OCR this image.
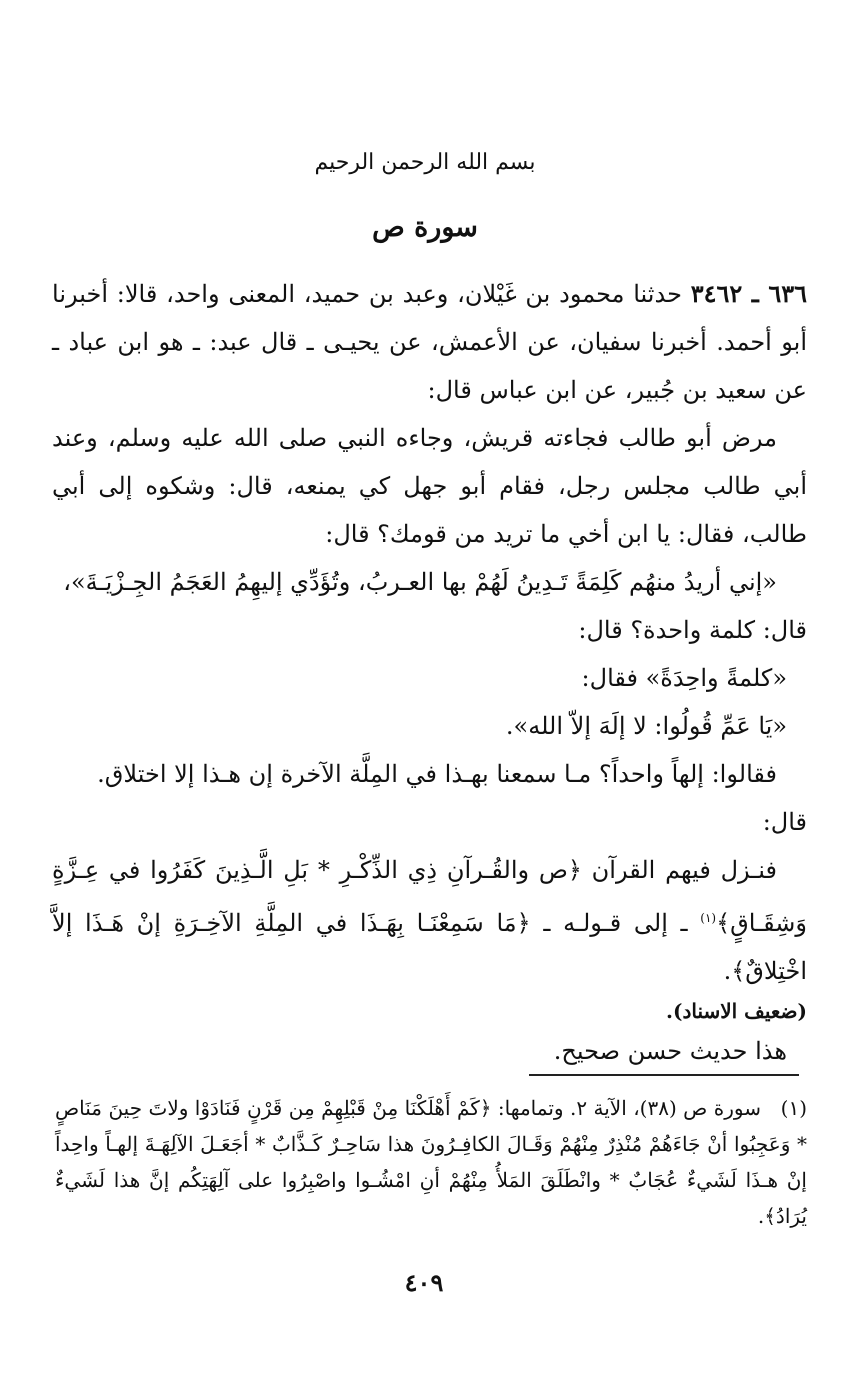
بسم الله الرحمن الرحيم
سورة ص

٦٣٦ ـ ٣٤٦٢ حدثنا محمود بن غَيْلان، وعبد بن حميد، المعنى واحد، قالا: أخبرنا أبو أحمد. أخبرنا سفيان، عن الأعمش، عن يحيـى ـ قال عبد: ـ هو ابن عباد ـ عن سعيد بن جُبير، عن ابن عباس قال:

مرض أبو طالب فجاءته قريش، وجاءه النبي صلى الله عليه وسلم، وعند أبي طالب مجلس رجل، فقام أبو جهل كي يمنعه، قال: وشكوه إلى أبي طالب، فقال: يا ابن أخي ما تريد من قومك؟ قال:

«إني أريدُ منهُم كَلِمَةً تَـدِينُ لَهُمْ بها العـربُ، وتُؤَدِّي إليهِمُ العَجَمُ الجِـزْيَـةَ»،

قال: كلمة واحدة؟ قال:

«كلمةً واحِدَةً» فقال:

«يَا عَمِّ قُولُوا: لا إلَهَ إلاّ الله».

فقالوا: إلهاً واحداً؟ مـا سمعنا بهـذا في المِلَّة الآخرة إن هـذا إلا اختلاق.

قال:

فنـزل فيهم القرآن ﴿ص والقُـرآنِ ذِي الذِّكْـرِ * بَلِ الَّـذِينَ كَفَرُوا في عِـزَّةٍ وَشِقَـاقٍ﴾$^{(١)}$ ـ إلى قـولـه ـ ﴿مَا سَمِعْنَـا بِهَـذَا في المِلَّةِ الآخِـرَةِ إنْ هَـذَا إلاَّ اخْتِلاقٌ﴾.

(ضعيف الاسناد).

هذا حديث حسن صحيح.

(١)سورة ص (٣٨)، الآية ٢. وتمامها: ﴿كَمْ أَهْلَكْنَا مِنْ قَبْلِهِمْ مِن قَرْنٍ فَنَادَوْا ولاتَ حِينَ مَنَاصٍ * وَعَجِبُوا أنْ جَاءَهُمْ مُنْذِرٌ مِنْهُمْ وَقَـالَ الكافِـرُونَ هذا سَاحِـرٌ كَـذَّابٌ * أجَعَـلَ الآلِهَـةَ إلهـاً واحِداً إنْ هـذَا لَشَيءٌ عُجَابٌ * وانْطَلَقَ المَلأُ مِنْهُمْ أنِ امْشُـوا واصْبِرُوا على آلِهَتِكُم إنَّ هذا لَشَيءٌ يُرَادُ﴾.
٤٠٩
